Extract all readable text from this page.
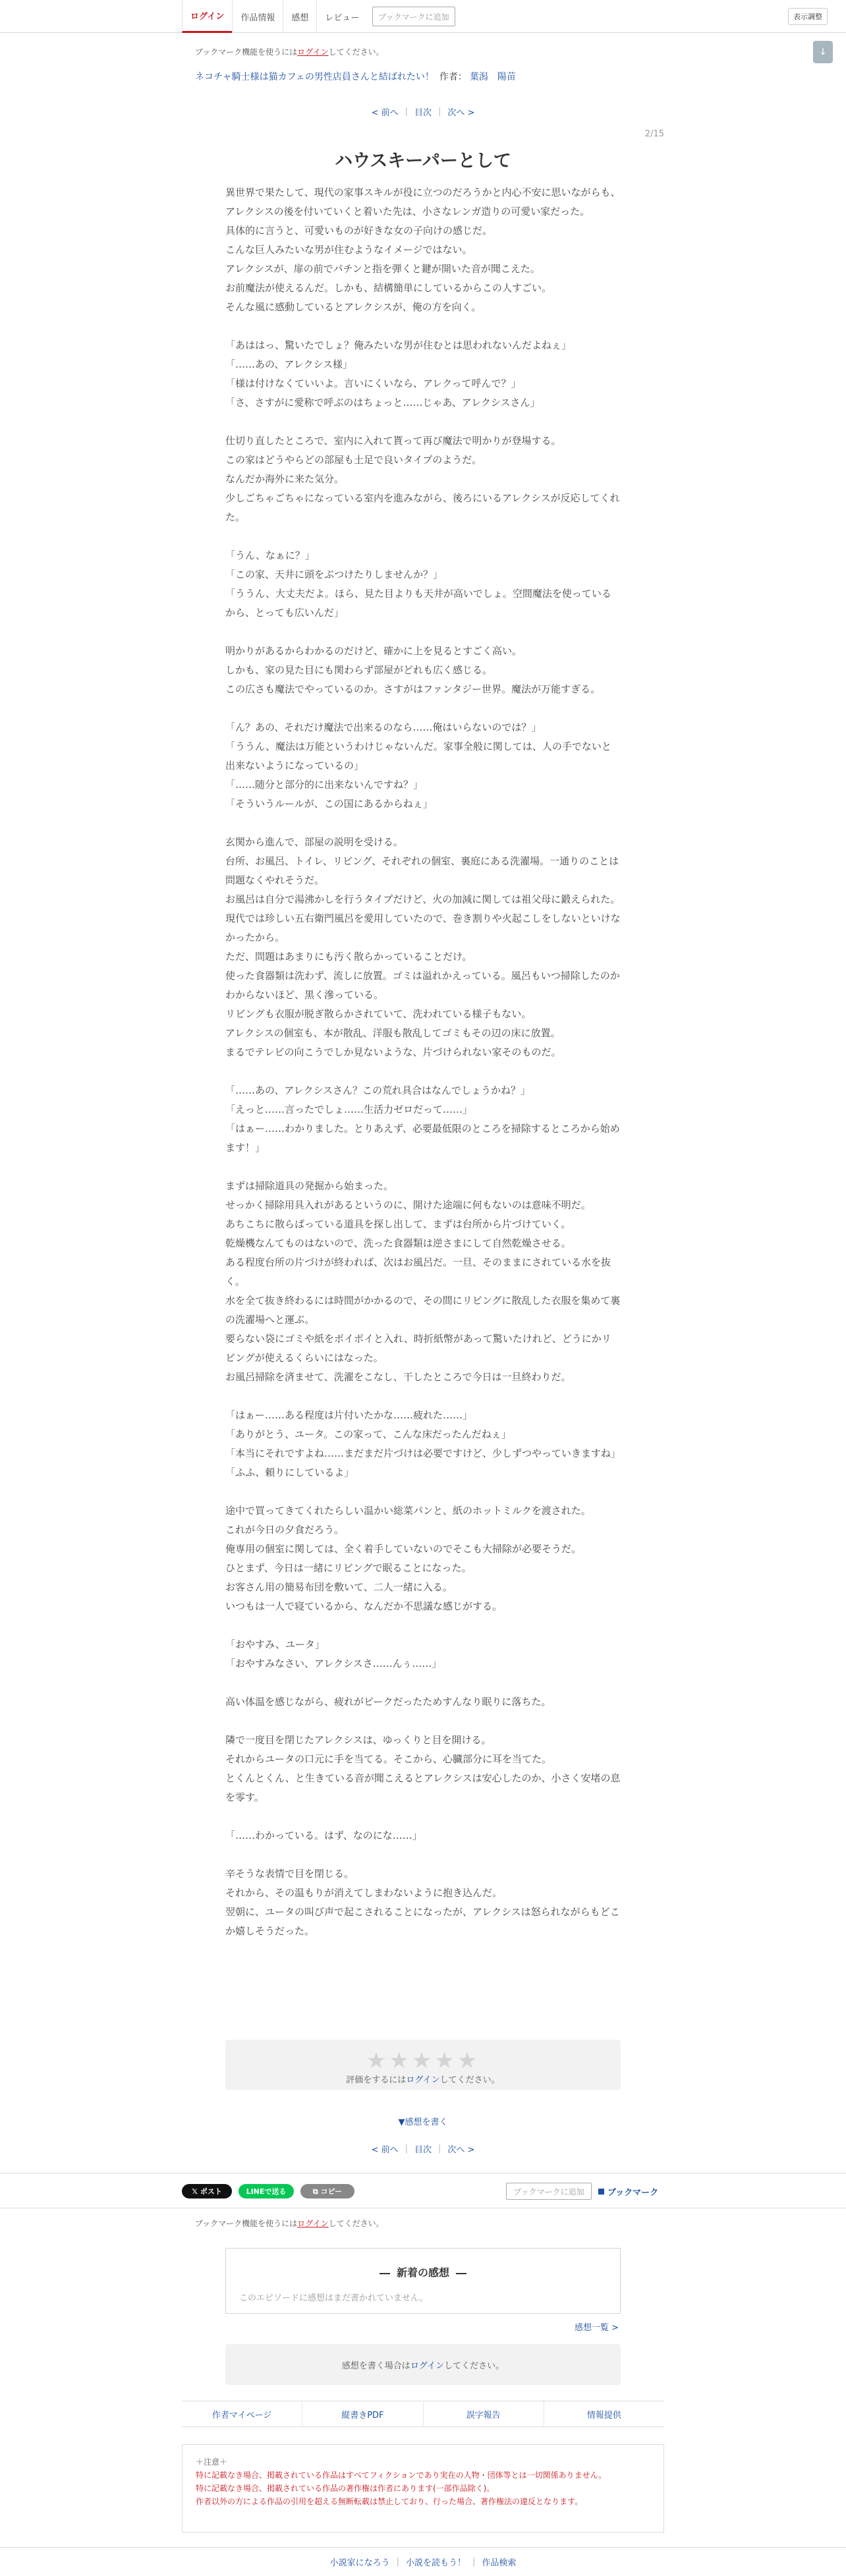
ログイン	作品情報	感想	レビュー	ブックマークに追加	表示調整
↓
ブックマーク機能を使うにはログインしてください。
ネコチャ騎士様は猫カフェの男性店員さんと結ばれたい！ 作者： 葉潟　陽苗
< 前へ | 目次 | 次へ >
2/15
ハウスキーパーとして

異世界で果たして、現代の家事スキルが役に立つのだろうかと内心不安に思いながらも、

アレクシスの後を付いていくと着いた先は、小さなレンガ造りの可愛い家だった。

具体的に言うと、可愛いものが好きな女の子向けの感じだ。

こんな巨人みたいな男が住むようなイメージではない。

アレクシスが、扉の前でパチンと指を弾くと鍵が開いた音が聞こえた。

お前魔法が使えるんだ。しかも、結構簡単にしているからこの人すごい。

そんな風に感動しているとアレクシスが、俺の方を向く。

「あははっ、驚いたでしょ？俺みたいな男が住むとは思われないんだよねぇ」

「……あの、アレクシス様」

「様は付けなくていいよ。言いにくいなら、アレクって呼んで？」

「さ、さすがに愛称で呼ぶのはちょっと……じゃあ、アレクシスさん」

仕切り直したところで、室内に入れて貰って再び魔法で明かりが登場する。

この家はどうやらどの部屋も土足で良いタイプのようだ。

なんだか海外に来た気分。

少しごちゃごちゃになっている室内を進みながら、後ろにいるアレクシスが反応してくれた。

「うん、なぁに？」

「この家、天井に頭をぶつけたりしませんか？」

「ううん、大丈夫だよ。ほら、見た目よりも天井が高いでしょ。空間魔法を使っているから、とっても広いんだ」

明かりがあるからわかるのだけど、確かに上を見るとすごく高い。

しかも、家の見た目にも関わらず部屋がどれも広く感じる。

この広さも魔法でやっているのか。さすがはファンタジー世界。魔法が万能すぎる。

「ん？あの、それだけ魔法で出来るのなら……俺はいらないのでは？」

「ううん、魔法は万能というわけじゃないんだ。家事全般に関しては、人の手でないと出来ないようになっているの」

「……随分と部分的に出来ないんですね？」

「そういうルールが、この国にあるからねぇ」

玄関から進んで、部屋の説明を受ける。

台所、お風呂、トイレ、リビング、それぞれの個室、裏庭にある洗濯場。一通りのことは問題なくやれそうだ。

お風呂は自分で湯沸かしを行うタイプだけど、火の加減に関しては祖父母に鍛えられた。

現代では珍しい五右衛門風呂を愛用していたので、巻き割りや火起こしをしないといけなかったから。

ただ、問題はあまりにも汚く散らかっていることだけ。

使った食器類は洗わず、流しに放置。ゴミは溢れかえっている。風呂もいつ掃除したのかわからないほど、黒く滲っている。

リビングも衣服が脱ぎ散らかされていて、洗われている様子もない。

アレクシスの個室も、本が散乱、洋服も散乱してゴミもその辺の床に放置。

まるでテレビの向こうでしか見ないような、片づけられない家そのものだ。

「……あの、アレクシスさん？この荒れ具合はなんでしょうかね？」

「えっと……言ったでしょ……生活力ゼロだって……」

「はぁー……わかりました。とりあえず、必要最低限のところを掃除するところから始めます！」

まずは掃除道具の発掘から始まった。

せっかく掃除用具入れがあるというのに、開けた途端に何もないのは意味不明だ。

あちこちに散らばっている道具を探し出して、まずは台所から片づけていく。

乾燥機なんてものはないので、洗った食器類は逆さまにして自然乾燥させる。

ある程度台所の片づけが終われば、次はお風呂だ。一旦、そのままにされている水を抜く。

水を全て抜き終わるには時間がかかるので、その間にリビングに散乱した衣服を集めて裏の洗濯場へと運ぶ。

要らない袋にゴミや紙をポイポイと入れ、時折紙幣があって驚いたけれど、どうにかリビングが使えるくらいにはなった。

お風呂掃除を済ませて、洗濯をこなし、干したところで今日は一旦終わりだ。

「はぁー……ある程度は片付いたかな……疲れた……」

「ありがとう、ユータ。この家って、こんな床だったんだねぇ」

「本当にそれですよね……まだまだ片づけは必要ですけど、少しずつやっていきますね」

「ふふ、頼りにしているよ」

途中で買ってきてくれたらしい温かい総菜パンと、紙のホットミルクを渡された。

これが今日の夕食だろう。

俺専用の個室に関しては、全く着手していないのでそこも大掃除が必要そうだ。

ひとまず、今日は一緒にリビングで眠ることになった。

お客さん用の簡易布団を敷いて、二人一緒に入る。

いつもは一人で寝ているから、なんだか不思議な感じがする。

「おやすみ、ユータ」

「おやすみなさい、アレクシスさ……んぅ……」

高い体温を感じながら、疲れがピークだったためすんなり眠りに落ちた。

隣で一度目を閉じたアレクシスは、ゆっくりと目を開ける。

それからユータの口元に手を当てる。そこから、心臓部分に耳を当てた。

とくんとくん、と生きている音が聞こえるとアレクシスは安心したのか、小さく安堵の息を零す。

「……わかっている。はず、なのにな……」

辛そうな表情で目を閉じる。

それから、その温もりが消えてしまわないように抱き込んだ。

翌朝に、ユータの叫び声で起こされることになったが、アレクシスは怒られながらもどこか嬉しそうだった。

★★★★★
評価をするにはログインしてください。
▼感想を書く
< 前へ | 目次 | 次へ >
𝕏 ポスト	LINEで送る	⧉ コピー	ブックマークに追加	ブックマーク
ブックマーク機能を使うにはログインしてください。
新着の感想
このエピソードに感想はまだ書かれていません。
感想一覧 >
感想を書く場合は ログイン してください。
作者マイページ	縦書きPDF	誤字報告	情報提供
＋注意＋
特に記載なき場合、掲載されている作品はすべてフィクションであり実在の人物・団体等とは一切関係ありません。
特に記載なき場合、掲載されている作品の著作権は作者にあります(一部作品除く)。
作者以外の方による作品の引用を超える無断転載は禁止しており、行った場合、著作権法の違反となります。
小説家になろう | 小説を読もう！ | 作品検索
